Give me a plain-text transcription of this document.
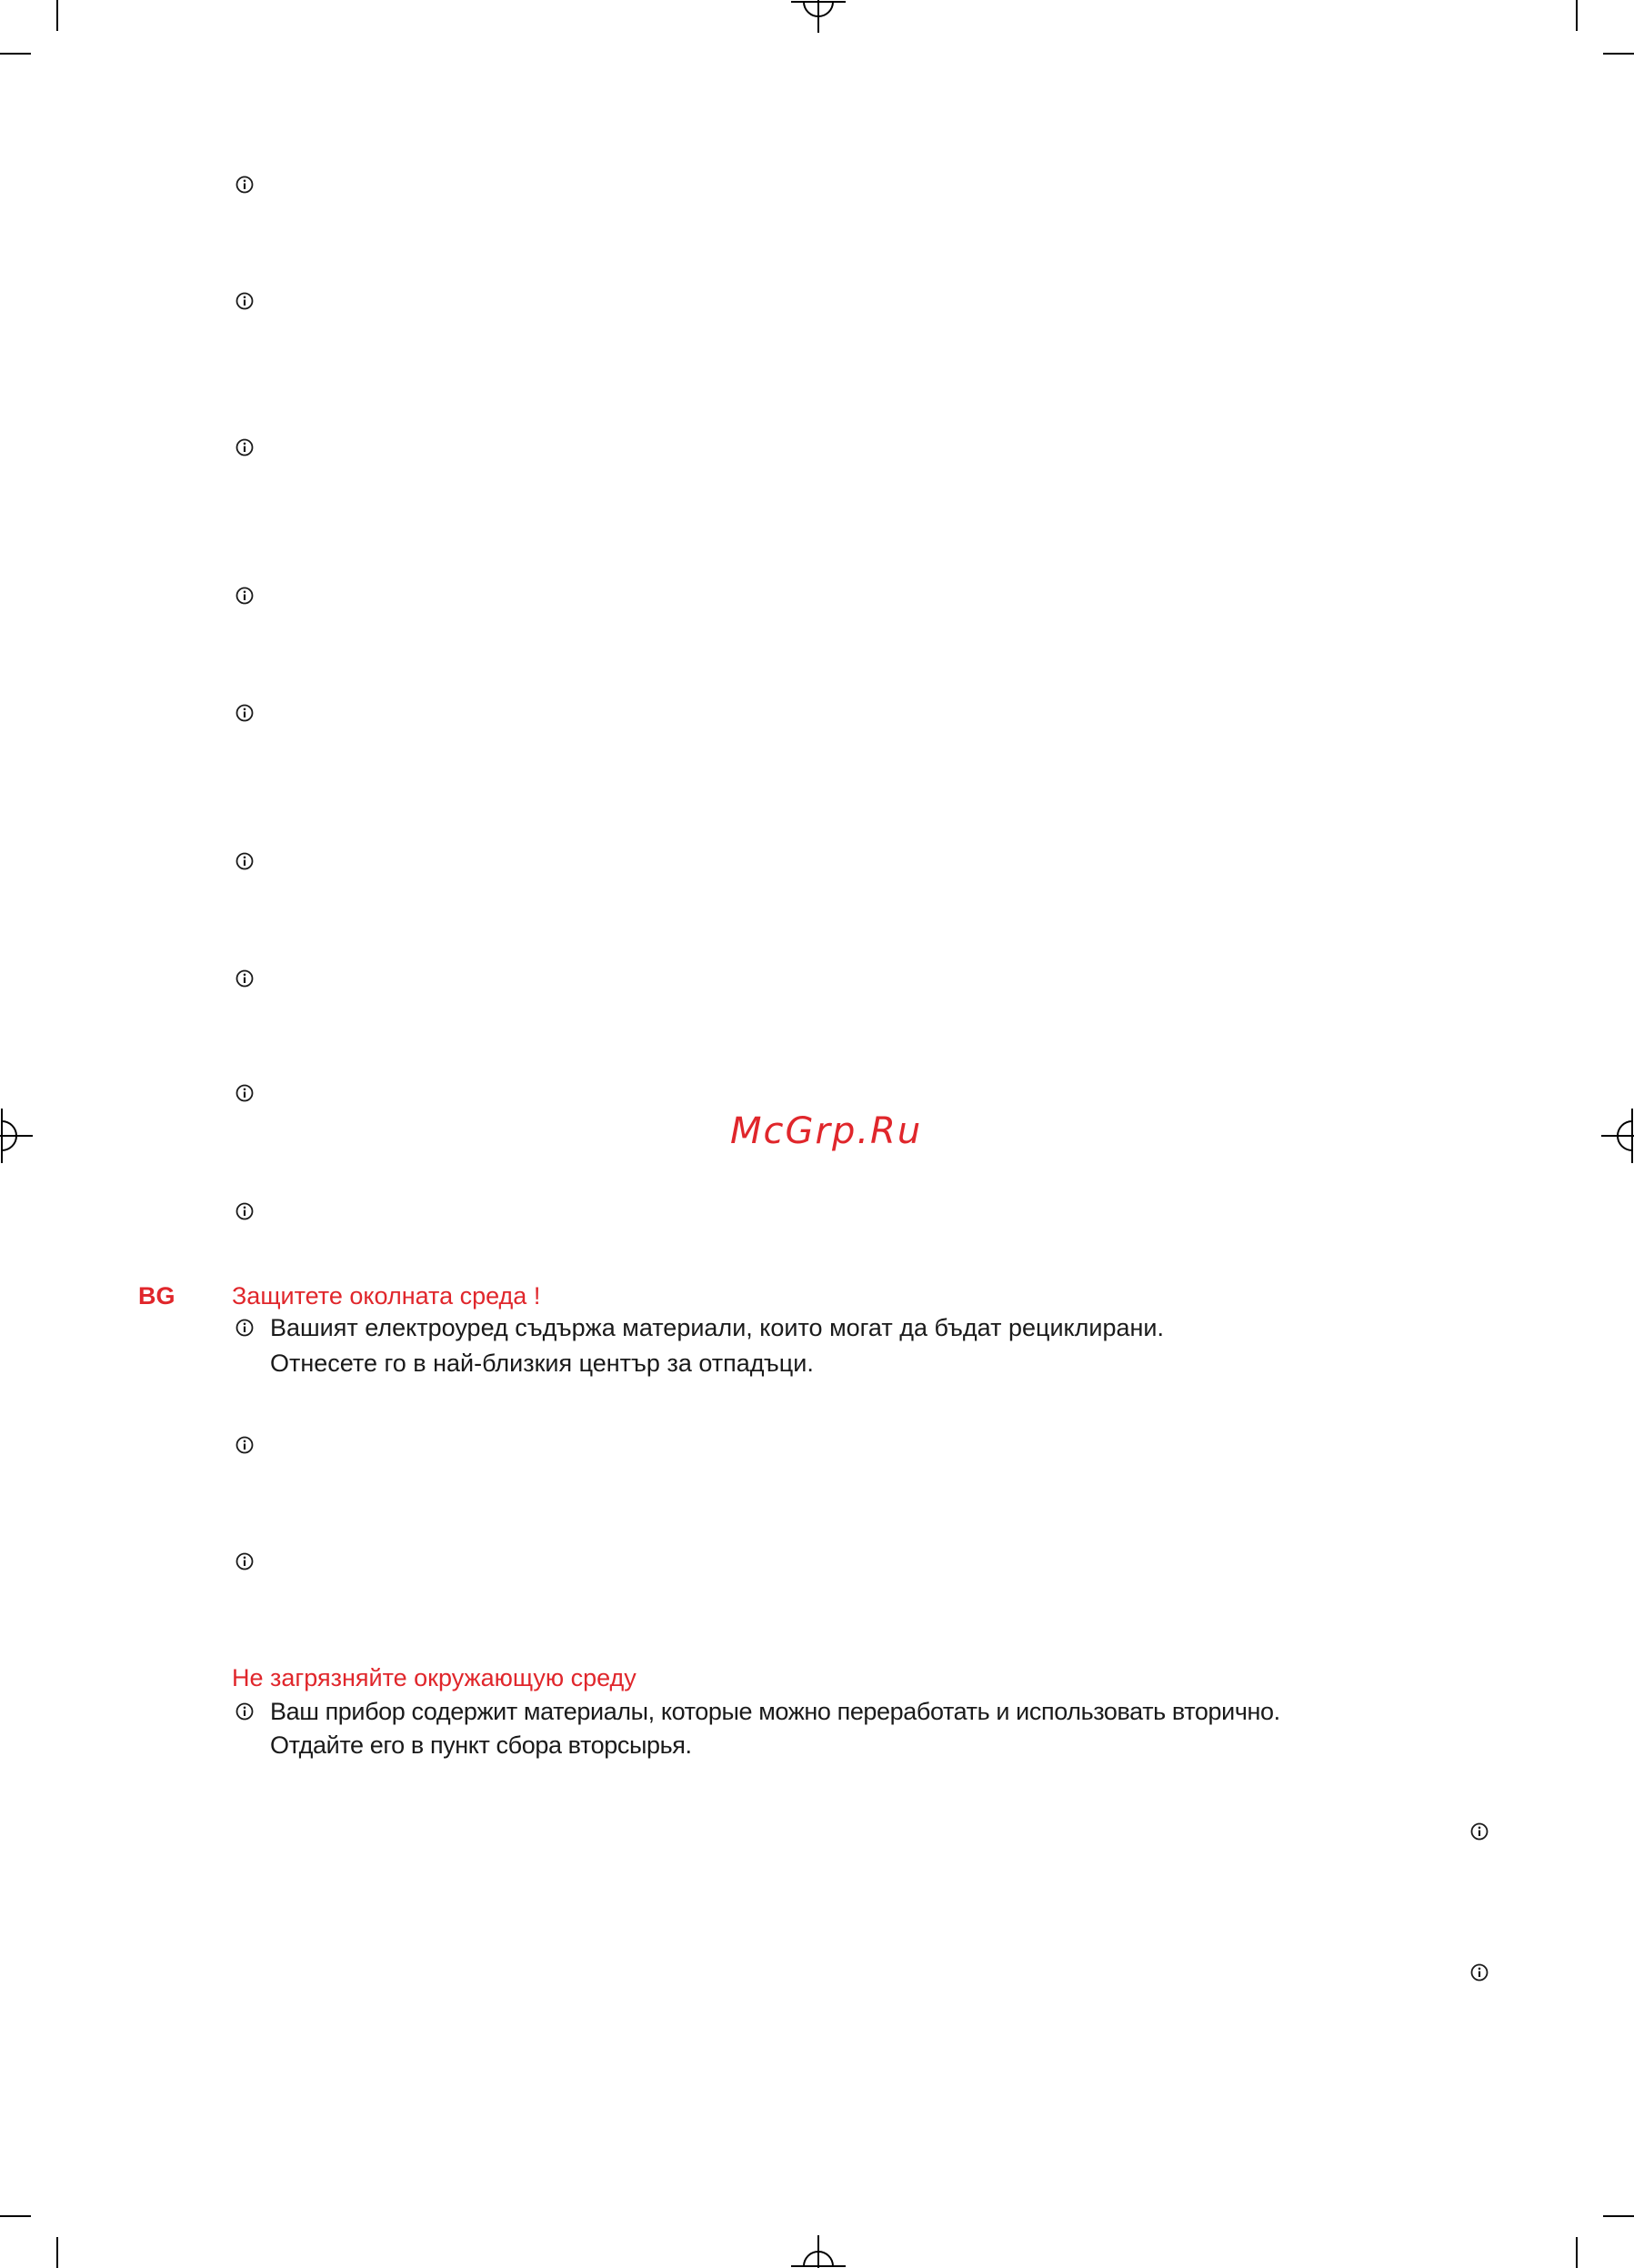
McGrp.Ru
BG Защитете околната среда !
Вашият електроуред съдържа материали, които могат да бъдат рециклирани.
Отнесете го в най-близкия център за отпадъци.
Не загрязняйте окружающую среду
Ваш прибор содержит материалы, которые можно переработать и использовать вторично.
Отдайте его в пункт сбора вторсырья.
